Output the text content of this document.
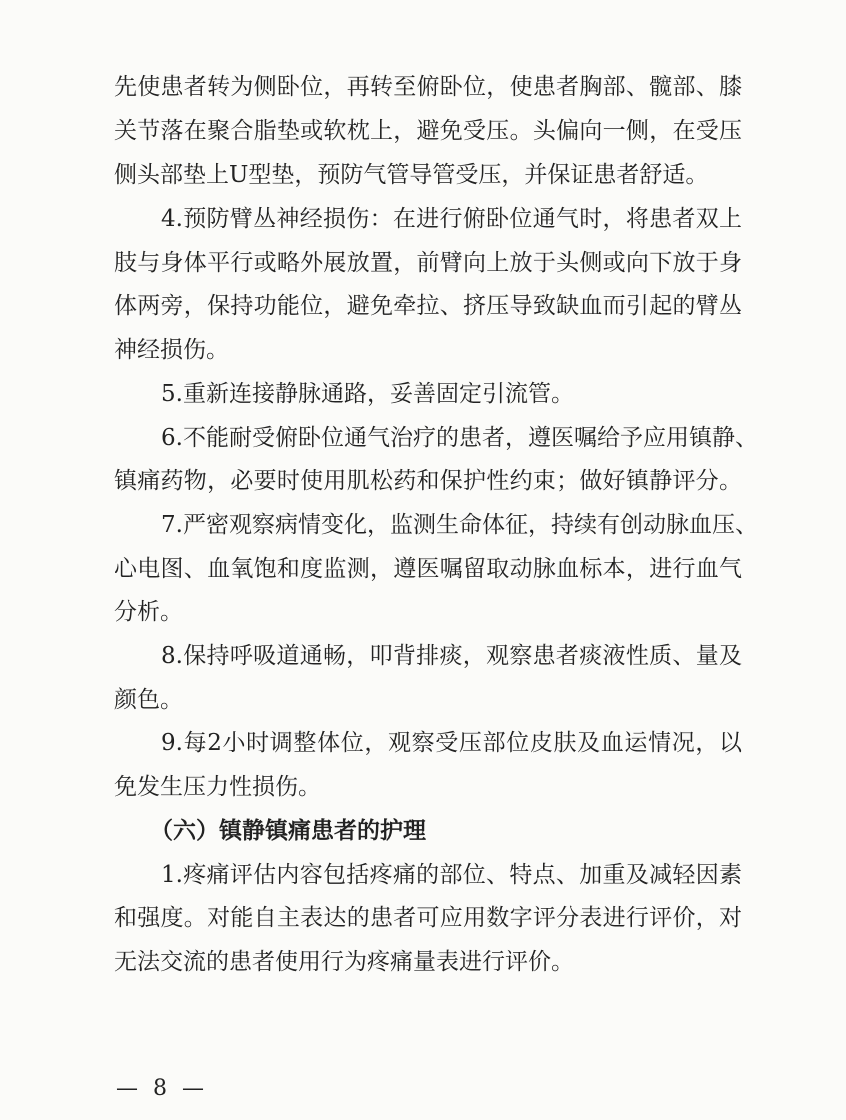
先使患者转为侧卧位，再转至俯卧位，使患者胸部、髋部、膝
关节落在聚合脂垫或软枕上，避免受压。头偏向一侧，在受压
侧头部垫上U型垫，预防气管导管受压，并保证患者舒适。
4.预防臂丛神经损伤：在进行俯卧位通气时，将患者双上
肢与身体平行或略外展放置，前臂向上放于头侧或向下放于身
体两旁，保持功能位，避免牵拉、挤压导致缺血而引起的臂丛
神经损伤。
5.重新连接静脉通路，妥善固定引流管。
6.不能耐受俯卧位通气治疗的患者，遵医嘱给予应用镇静、
镇痛药物，必要时使用肌松药和保护性约束；做好镇静评分。
7.严密观察病情变化，监测生命体征，持续有创动脉血压、
心电图、血氧饱和度监测，遵医嘱留取动脉血标本，进行血气
分析。
8.保持呼吸道通畅，叩背排痰，观察患者痰液性质、量及
颜色。
9.每2小时调整体位，观察受压部位皮肤及血运情况，以
免发生压力性损伤。
（六）镇静镇痛患者的护理
1.疼痛评估内容包括疼痛的部位、特点、加重及减轻因素
和强度。对能自主表达的患者可应用数字评分表进行评价，对
无法交流的患者使用行为疼痛量表进行评价。
— 8 —
